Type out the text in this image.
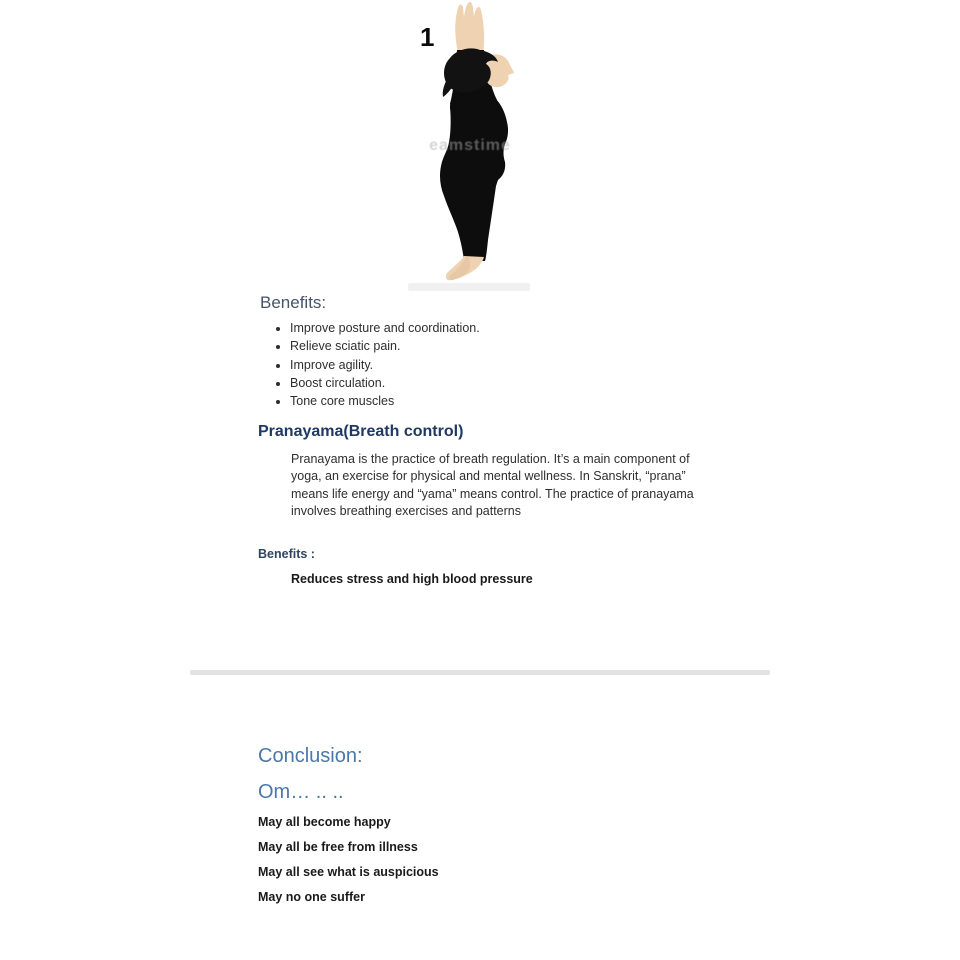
1
eamstime
Benefits:
• Improve posture and coordination.
• Relieve sciatic pain.
• Improve agility.
• Boost circulation.
• Tone core muscles
Pranayama(Breath control)
Pranayama is the practice of breath regulation. It’s a main component of yoga, an exercise for physical and mental wellness. In Sanskrit, “prana” means life energy and “yama” means control. The practice of pranayama involves breathing exercises and patterns
Benefits :
Reduces stress and high blood pressure
Conclusion:
Om… .. ..
May all become happy
May all be free from illness
May all see what is auspicious
May no one suffer
